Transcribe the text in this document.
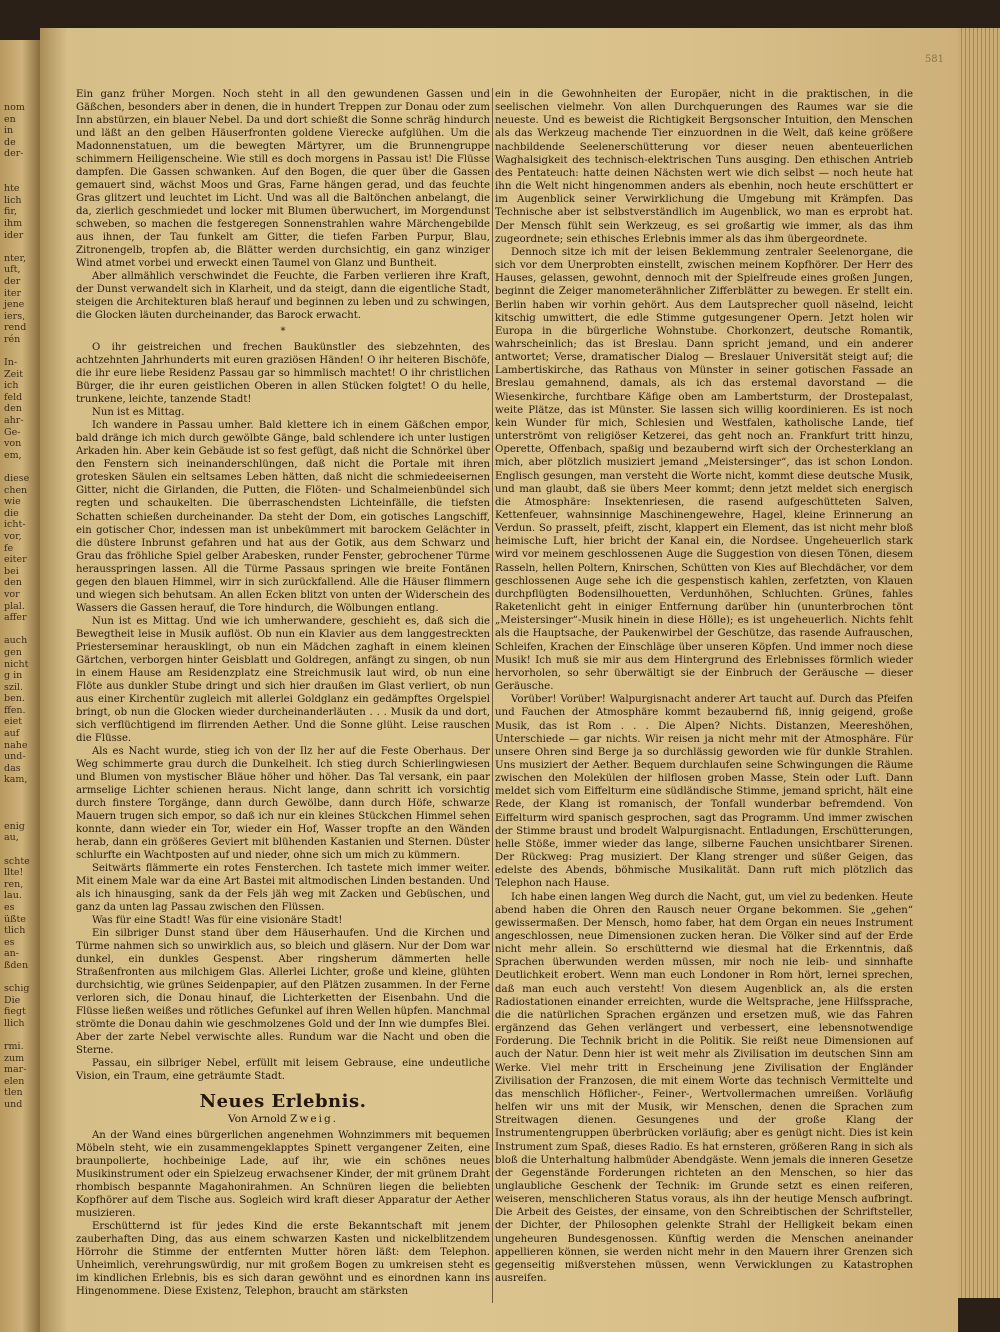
nom
en
in
de
der-

hte
lich
fir,
ihm
ider

nter,
uft,
der
iter
jene
iers,
rend
rén

In-
Zeit
ich
feld
den
ahr-
Ge-
von
em,

diese
chen
wie
die
icht-
vor,
fe
eiter
bei
den
vor
plal.
affer

auch
gen
nicht
g in
szil.
ben.
ffen.
eiet
auf
nahe
und-
das
kam,

enig
au,

schte
llte!
ren,
lau.
es
üßte
tlich
es
an-
ßden

schig
Die
fiegt
llich

rmi.
zum
mar-
elen
tlen
und
581

Ein ganz früher Morgen. Noch steht in all den gewundenen Gassen und Gäßchen, besonders aber in denen, die in hundert Treppen zur Donau oder zum Inn abstürzen, ein blauer Nebel. Da und dort schießt die Sonne schräg hindurch und läßt an den gelben Häuserfronten goldene Vierecke aufglühen. Um die Madonnenstatuen, um die bewegten Märtyrer, um die Brunnengruppe schimmern Heiligenscheine. Wie still es doch morgens in Passau ist! Die Flüsse dampfen. Die Gassen schwanken. Auf den Bogen, die quer über die Gassen gemauert sind, wächst Moos und Gras, Farne hängen gerad, und das feuchte Gras glitzert und leuchtet im Licht. Und was all die Baltönchen anbelangt, die da, zierlich geschmiedet und locker mit Blumen überwuchert, im Morgendunst schweben, so machen die festgeregen Sonnenstrahlen wahre Märchengebilde aus ihnen, der Tau funkelt am Gitter, die tiefen Farben Purpur, Blau, Zitronengelb, tropfen ab, die Blätter werden durchsichtig, ein ganz winziger Wind atmet vorbei und erweckt einen Taumel von Glanz und Buntheit.

Aber allmählich verschwindet die Feuchte, die Farben verlieren ihre Kraft, der Dunst verwandelt sich in Klarheit, und da steigt, dann die eigentliche Stadt, steigen die Architekturen blaß herauf und beginnen zu leben und zu schwingen, die Glocken läuten durcheinander, das Barock erwacht.

*

O ihr geistreichen und frechen Baukünstler des siebzehnten, des achtzehnten Jahrhunderts mit euren graziösen Händen! O ihr heiteren Bischöfe, die ihr eure liebe Residenz Passau gar so himmlisch machtet! O ihr christlichen Bürger, die ihr euren geistlichen Oberen in allen Stücken folgtet! O du helle, trunkene, leichte, tanzende Stadt!

Nun ist es Mittag.

Ich wandere in Passau umher. Bald klettere ich in einem Gäßchen empor, bald dränge ich mich durch gewölbte Gänge, bald schlendere ich unter lustigen Arkaden hin. Aber kein Gebäude ist so fest gefügt, daß nicht die Schnörkel über den Fenstern sich ineinanderschlüngen, daß nicht die Portale mit ihren grotesken Säulen ein seltsames Leben hätten, daß nicht die schmiedeeisernen Gitter, nicht die Girlanden, die Putten, die Flöten- und Schalmeienbündel sich regten und schaukelten. Die überraschendsten Lichteinfälle, die tiefsten Schatten schießen durcheinander. Da steht der Dom, ein gotisches Langschiff, ein gotischer Chor, indessen man ist unbekümmert mit barockem Gelächter in die düstere Inbrunst gefahren und hat aus der Gotik, aus dem Schwarz und Grau das fröhliche Spiel gelber Arabesken, runder Fenster, gebrochener Türme herausspringen lassen. All die Türme Passaus springen wie breite Fontänen gegen den blauen Himmel, wirr in sich zurückfallend. Alle die Häuser flimmern und wiegen sich behutsam. An allen Ecken blitzt von unten der Widerschein des Wassers die Gassen herauf, die Tore hindurch, die Wölbungen entlang.

Nun ist es Mittag. Und wie ich umherwandere, geschieht es, daß sich die Bewegtheit leise in Musik auflöst. Ob nun ein Klavier aus dem langgestreckten Priesterseminar herausklingt, ob nun ein Mädchen zaghaft in einem kleinen Gärtchen, verborgen hinter Geisblatt und Goldregen, anfängt zu singen, ob nun in einem Hause am Residenzplatz eine Streichmusik laut wird, ob nun eine Flöte aus dunkler Stube dringt und sich hier draußen im Glast verliert, ob nun aus einer Kirchentür zugleich mit allerlei Goldglanz ein gedämpftes Orgelspiel bringt, ob nun die Glocken wieder durcheinanderläuten . . . Musik da und dort, sich verflüchtigend im flirrenden Aether. Und die Sonne glüht. Leise rauschen die Flüsse.

Als es Nacht wurde, stieg ich von der Ilz her auf die Feste Oberhaus. Der Weg schimmerte grau durch die Dunkelheit. Ich stieg durch Schierlingwiesen und Blumen von mystischer Bläue höher und höher. Das Tal versank, ein paar armselige Lichter schienen heraus. Nicht lange, dann schritt ich vorsichtig durch finstere Torgänge, dann durch Gewölbe, dann durch Höfe, schwarze Mauern trugen sich empor, so daß ich nur ein kleines Stückchen Himmel sehen konnte, dann wieder ein Tor, wieder ein Hof, Wasser tropfte an den Wänden herab, dann ein größeres Geviert mit blühenden Kastanien und Sternen. Düster schlurfte ein Wachtposten auf und nieder, ohne sich um mich zu kümmern.

Seitwärts flämmerte ein rotes Fensterchen. Ich tastete mich immer weiter. Mit einem Male war da eine Art Bastei mit altmodischen Linden bestanden. Und als ich hinausging, sank da der Fels jäh weg mit Zacken und Gebüschen, und ganz da unten lag Passau zwischen den Flüssen.

Was für eine Stadt! Was für eine visionäre Stadt!

Ein silbriger Dunst stand über dem Häuserhaufen. Und die Kirchen und Türme nahmen sich so unwirklich aus, so bleich und gläsern. Nur der Dom war dunkel, ein dunkles Gespenst. Aber ringsherum dämmerten helle Straßenfronten aus milchigem Glas. Allerlei Lichter, große und kleine, glühten durchsichtig, wie grünes Seidenpapier, auf den Plätzen zusammen. In der Ferne verloren sich, die Donau hinauf, die Lichterketten der Eisenbahn. Und die Flüsse ließen weißes und rötliches Gefunkel auf ihren Wellen hüpfen. Manchmal strömte die Donau dahin wie geschmolzenes Gold und der Inn wie dumpfes Blei. Aber der zarte Nebel verwischte alles. Rundum war die Nacht und oben die Sterne.

Passau, ein silbriger Nebel, erfüllt mit leisem Gebrause, eine undeutliche Vision, ein Traum, eine geträumte Stadt.

Neues Erlebnis.
Von Arnold Zweig.

An der Wand eines bürgerlichen angenehmen Wohnzimmers mit bequemen Möbeln steht, wie ein zusammengeklapptes Spinett vergangener Zeiten, eine braunpolierte, hochbeinige Lade, auf ihr, wie ein schönes neues Musikinstrument oder ein Spielzeug erwachsener Kinder, der mit grünem Draht rhombisch bespannte Magahonirahmen. An Schnüren liegen die beliebten Kopfhörer auf dem Tische aus. Sogleich wird kraft dieser Apparatur der Aether musizieren.

Erschütternd ist für jedes Kind die erste Bekanntschaft mit jenem zauberhaften Ding, das aus einem schwarzen Kasten und nickelblitzendem Hörrohr die Stimme der entfernten Mutter hören läßt: dem Telephon. Unheimlich, verehrungswürdig, nur mit großem Bogen zu umkreisen steht es im kindlichen Erlebnis, bis es sich daran gewöhnt und es einordnen kann ins Hingenommene. Diese Existenz, Telephon, braucht am stärksten

ein in die Gewohnheiten der Europäer, nicht in die praktischen, in die seelischen vielmehr. Von allen Durchquerungen des Raumes war sie die neueste. Und es beweist die Richtigkeit Bergsonscher Intuition, den Menschen als das Werkzeug machende Tier einzuordnen in die Welt, daß keine größere nachbildende Seelenerschütterung vor dieser neuen abenteuerlichen Waghalsigkeit des technisch-elektrischen Tuns ausging. Den ethischen Antrieb des Pentateuch: hatte deinen Nächsten wert wie dich selbst — noch heute hat ihn die Welt nicht hingenommen anders als ebenhin, noch heute erschüttert er im Augenblick seiner Verwirklichung die Umgebung mit Krämpfen. Das Technische aber ist selbstverständlich im Augenblick, wo man es erprobt hat. Der Mensch fühlt sein Werkzeug, es sei großartig wie immer, als das ihm zugeordnete; sein ethisches Erlebnis immer als das ihm übergeordnete.

Dennoch sitze ich mit der leisen Beklemmung zentraler Seelenorgane, die sich vor dem Unerprobten einstellt, zwischen meinem Kopfhörer. Der Herr des Hauses, gelassen, gewohnt, dennoch mit der Spielfreude eines großen Jungen, beginnt die Zeiger manometerähnlicher Zifferblätter zu bewegen. Er stellt ein. Berlin haben wir vorhin gehört. Aus dem Lautsprecher quoll näselnd, leicht kitschig umwittert, die edle Stimme gutgesungener Opern. Jetzt holen wir Europa in die bürgerliche Wohnstube. Chorkonzert, deutsche Romantik, wahrscheinlich; das ist Breslau. Dann spricht jemand, und ein anderer antwortet; Verse, dramatischer Dialog — Breslauer Universität steigt auf; die Lambertiskirche, das Rathaus von Münster in seiner gotischen Fassade an Breslau gemahnend, damals, als ich das erstemal davorstand — die Wiesenkirche, furchtbare Käfige oben am Lambertsturm, der Drostepalast, weite Plätze, das ist Münster. Sie lassen sich willig koordinieren. Es ist noch kein Wunder für mich, Schlesien und Westfalen, katholische Lande, tief unterströmt von religiöser Ketzerei, das geht noch an. Frankfurt tritt hinzu, Operette, Offenbach, spaßig und bezaubernd wirft sich der Orchesterklang an mich, aber plötzlich musiziert jemand „Meistersinger“, das ist schon London. Englisch gesungen, man versteht die Worte nicht, kommt diese deutsche Musik, und man glaubt, daß sie übers Meer kommt; denn jetzt meldet sich energisch die Atmosphäre: Insektenriesen, die rasend aufgeschütteten Salven, Kettenfeuer, wahnsinnige Maschinengewehre, Hagel, kleine Erinnerung an Verdun. So prasselt, pfeift, zischt, klappert ein Element, das ist nicht mehr bloß heimische Luft, hier bricht der Kanal ein, die Nordsee. Ungeheuerlich stark wird vor meinem geschlossenen Auge die Suggestion von diesen Tönen, diesem Rasseln, hellen Poltern, Knirschen, Schütten von Kies auf Blechdächer, vor dem geschlossenen Auge sehe ich die gespenstisch kahlen, zerfetzten, von Klauen durchpflügten Bodensilhouetten, Verdunhöhen, Schluchten. Grünes, fahles Raketenlicht geht in einiger Entfernung darüber hin (ununterbrochen tönt „Meistersinger“-Musik hinein in diese Hölle); es ist ungeheuerlich. Nichts fehlt als die Hauptsache, der Paukenwirbel der Geschütze, das rasende Aufrauschen, Schleifen, Krachen der Einschläge über unseren Köpfen. Und immer noch diese Musik! Ich muß sie mir aus dem Hintergrund des Erlebnisses förmlich wieder hervorholen, so sehr überwältigt sie der Einbruch der Geräusche — dieser Geräusche.

Vorüber! Vorüber! Walpurgisnacht anderer Art taucht auf. Durch das Pfeifen und Fauchen der Atmosphäre kommt bezaubernd fiß, innig geigend, große Musik, das ist Rom . . . Die Alpen? Nichts. Distanzen, Meereshöhen, Unterschiede — gar nichts. Wir reisen ja nicht mehr mit der Atmosphäre. Für unsere Ohren sind Berge ja so durchlässig geworden wie für dunkle Strahlen. Uns musiziert der Aether. Bequem durchlaufen seine Schwingungen die Räume zwischen den Molekülen der hilflosen groben Masse, Stein oder Luft. Dann meldet sich vom Eiffelturm eine südländische Stimme, jemand spricht, hält eine Rede, der Klang ist romanisch, der Tonfall wunderbar befremdend. Von Eiffelturm wird spanisch gesprochen, sagt das Programm. Und immer zwischen der Stimme braust und brodelt Walpurgisnacht. Entladungen, Erschütterungen, helle Stöße, immer wieder das lange, silberne Fauchen unsichtbarer Sirenen. Der Rückweg: Prag musiziert. Der Klang strenger und süßer Geigen, das edelste des Abends, böhmische Musikalität. Dann ruft mich plötzlich das Telephon nach Hause.

Ich habe einen langen Weg durch die Nacht, gut, um viel zu bedenken. Heute abend haben die Ohren den Rausch neuer Organe bekommen. Sie „gehen“ gewissermaßen. Der Mensch, homo faber, hat dem Organ ein neues Instrument angeschlossen, neue Dimensionen zucken heran. Die Völker sind auf der Erde nicht mehr allein. So erschütternd wie diesmal hat die Erkenntnis, daß Sprachen überwunden werden müssen, mir noch nie leib- und sinnhafte Deutlichkeit erobert. Wenn man euch Londoner in Rom hört, lernei sprechen, daß man euch auch versteht! Von diesem Augenblick an, als die ersten Radiostationen einander erreichten, wurde die Weltsprache, jene Hilfssprache, die die natürlichen Sprachen ergänzen und ersetzen muß, wie das Fahren ergänzend das Gehen verlängert und verbessert, eine lebensnotwendige Forderung. Die Technik bricht in die Politik. Sie reißt neue Dimensionen auf auch der Natur. Denn hier ist weit mehr als Zivilisation im deutschen Sinn am Werke. Viel mehr tritt in Erscheinung jene Zivilisation der Engländer Zivilisation der Franzosen, die mit einem Worte das technisch Vermittelte und das menschlich Höflicher-, Feiner-, Wertvollermachen umreißen. Vorläufig helfen wir uns mit der Musik, wir Menschen, denen die Sprachen zum Streitwagen dienen. Gesungenes und der große Klang der Instrumentengruppen überbrücken vorläufig; aber es genügt nicht. Dies ist kein Instrument zum Spaß, dieses Radio. Es hat ernsteren, größeren Rang in sich als bloß die Unterhaltung halbmüder Abendgäste. Wenn jemals die inneren Gesetze der Gegenstände Forderungen richteten an den Menschen, so hier das unglaubliche Geschenk der Technik: im Grunde setzt es einen reiferen, weiseren, menschlicheren Status voraus, als ihn der heutige Mensch aufbringt. Die Arbeit des Geistes, der einsame, von den Schreibtischen der Schriftsteller, der Dichter, der Philosophen gelenkte Strahl der Helligkeit bekam einen ungeheuren Bundesgenossen. Künftig werden die Menschen aneinander appellieren können, sie werden nicht mehr in den Mauern ihrer Grenzen sich gegenseitig mißverstehen müssen, wenn Verwicklungen zu Katastrophen ausreifen.
